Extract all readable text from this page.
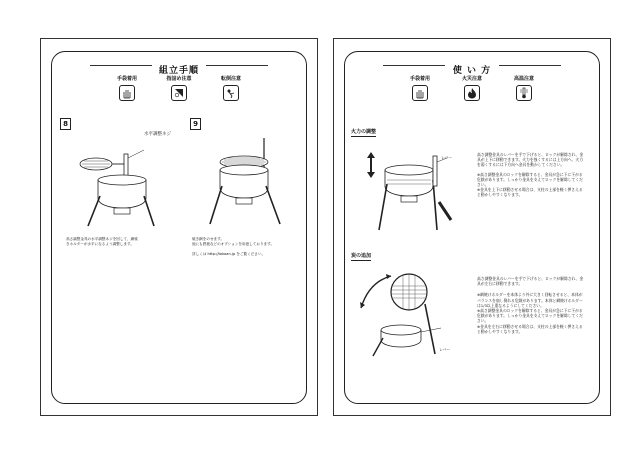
組立手順
手袋着用	指詰め注意	転倒注意
8
水平調整ネジ
高さ調整金具の水平調整ネジを回して、網焼
きホルダーが水平になるよう調整します。
9
焼き網をのせます。
他にも鉄板などのオプションを用意しております。
詳しくは http://tokoan.jp をご覧ください。
使 い 方
手袋着用	火災注意	高温注意
火力の調整
レバー
高さ調整金具のレバーを手で下げると、ロックが解除され、金具が上下に移動できます。火力を強くするには上方向へ、火力を弱くするには下方向へ金具を動かしてください。
※高さ調整金具のロックを解除すると、金具が急に下に下がる危険があります。しっかり金具を支えてロックを解除してください。
※金具を上下に移動させる場合は、支柱の上部を軽く押さえると動かしやすくなります。
炭の追加
レバー
高さ調整金具のレバーを手で下げると、ロックが解除され、金具が左右に移動できます。
※網焼けホルダーを本体より外に大きく回転させると、本体がバランスを崩し倒れる危険があります。本体と網焼けホルダーは1/3以上重なるようにしてください。
※高さ調整金具のロックを解除すると、金具が急に下に下がる危険があります。しっかり金具を支えてロックを解除してください。
※金具を左右に移動させる場合は、支柱の上部を軽く押さえると動かしやすくなります。
